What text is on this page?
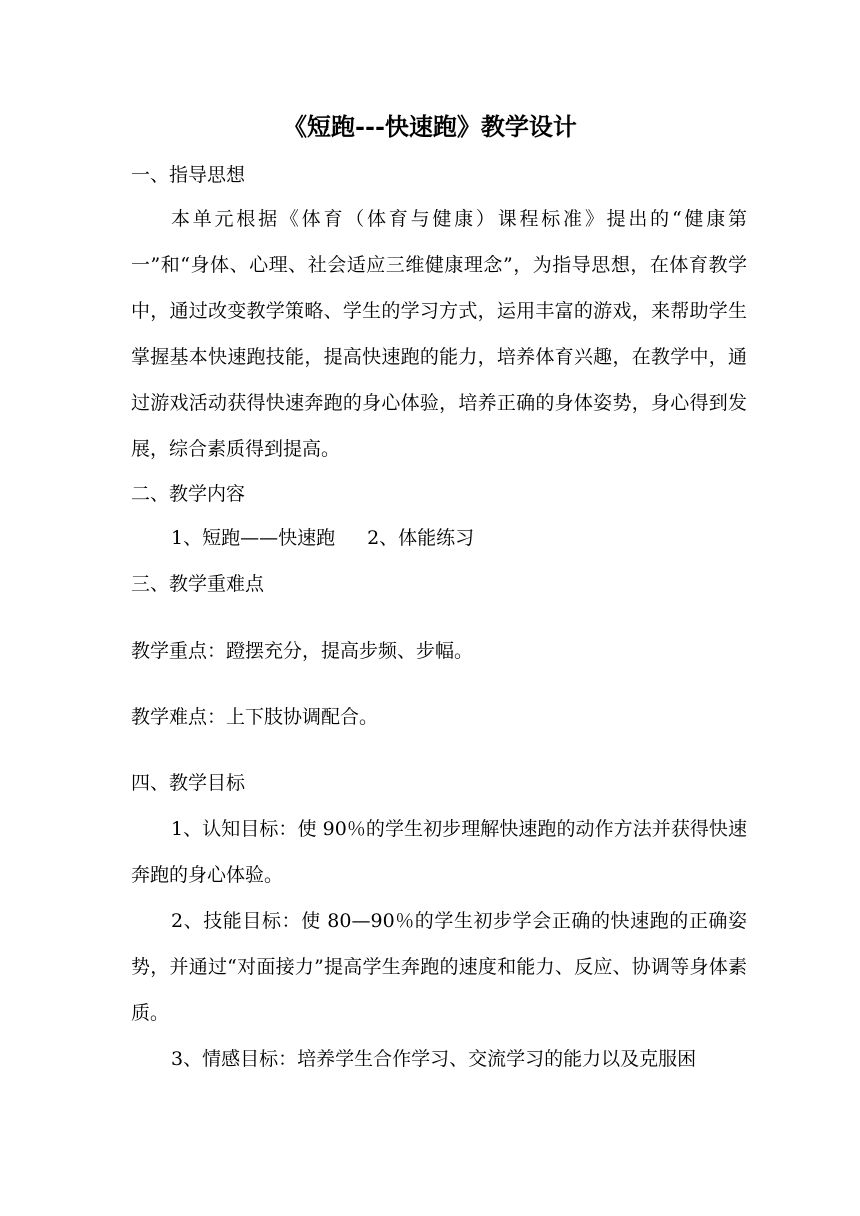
《短跑---快速跑》教学设计
一、指导思想

本单元根据《体育（体育与健康）课程标准》提出的“健康第一”和“身体、心理、社会适应三维健康理念”，为指导思想，在体育教学中，通过改变教学策略、学生的学习方式，运用丰富的游戏，来帮助学生掌握基本快速跑技能，提高快速跑的能力，培养体育兴趣，在教学中，通过游戏活动获得快速奔跑的身心体验，培养正确的身体姿势，身心得到发展，综合素质得到提高。

二、教学内容
1、短跑——快速跑 2、体能练习
三、教学重难点
教学重点：蹬摆充分，提高步频、步幅。
教学难点：上下肢协调配合。
四、教学目标

1、认知目标：使 90％的学生初步理解快速跑的动作方法并获得快速奔跑的身心体验。

2、技能目标：使 80—90％的学生初步学会正确的快速跑的正确姿势，并通过“对面接力”提高学生奔跑的速度和能力、反应、协调等身体素质。

3、情感目标：培养学生合作学习、交流学习的能力以及克服困
